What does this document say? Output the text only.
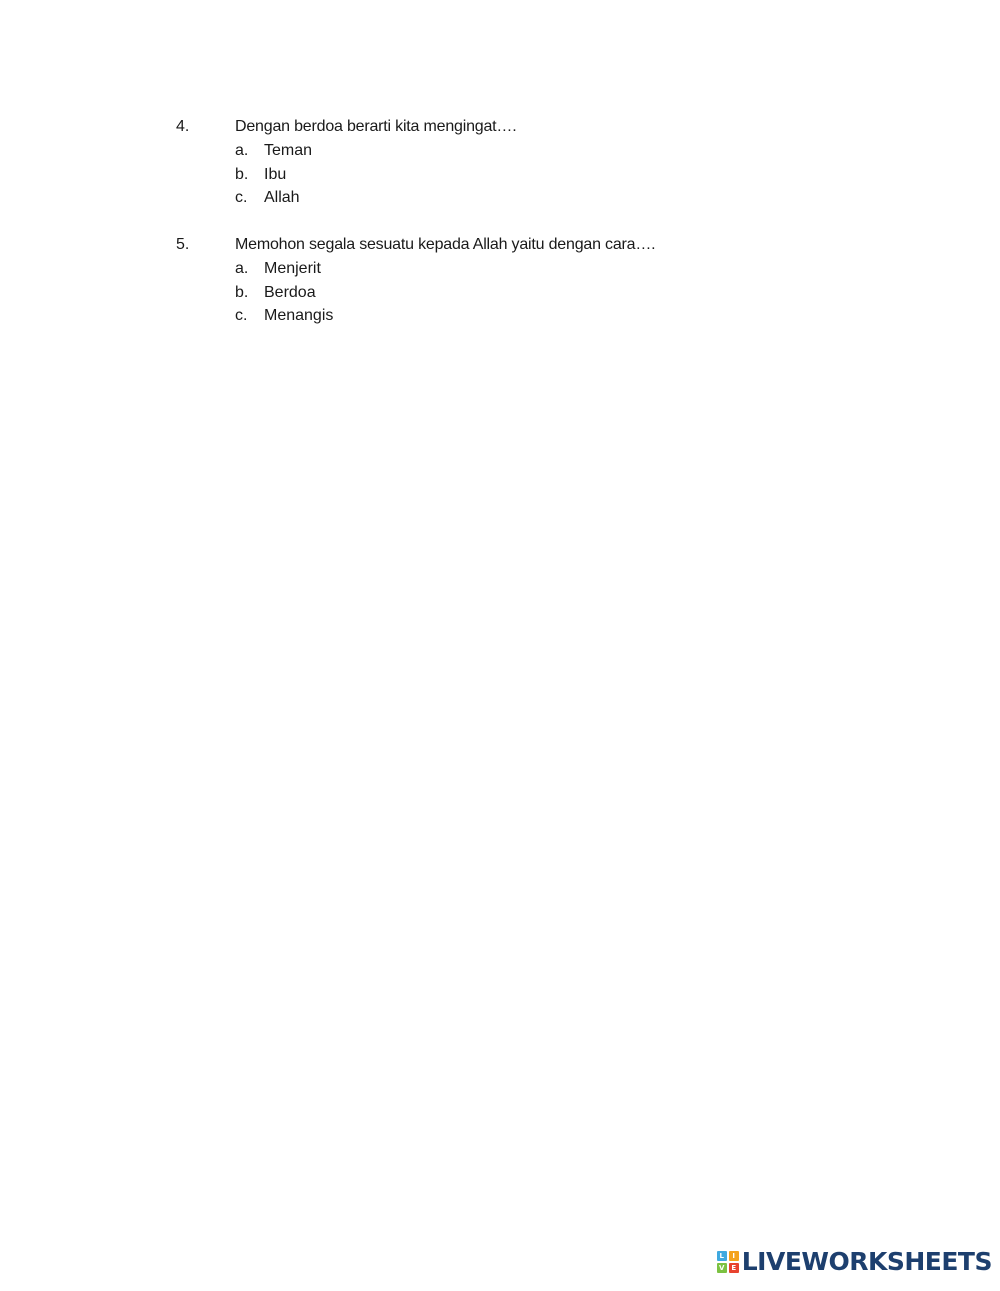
4.	Dengan berdoa berarti kita mengingat….
a. Teman
b. Ibu
c.	Allah
5.	Memohon segala sesuatu kepada Allah yaitu dengan cara….
a. Menjerit
b. Berdoa
c.	Menangis
L	I
V E LIVEWORKSHEETS
